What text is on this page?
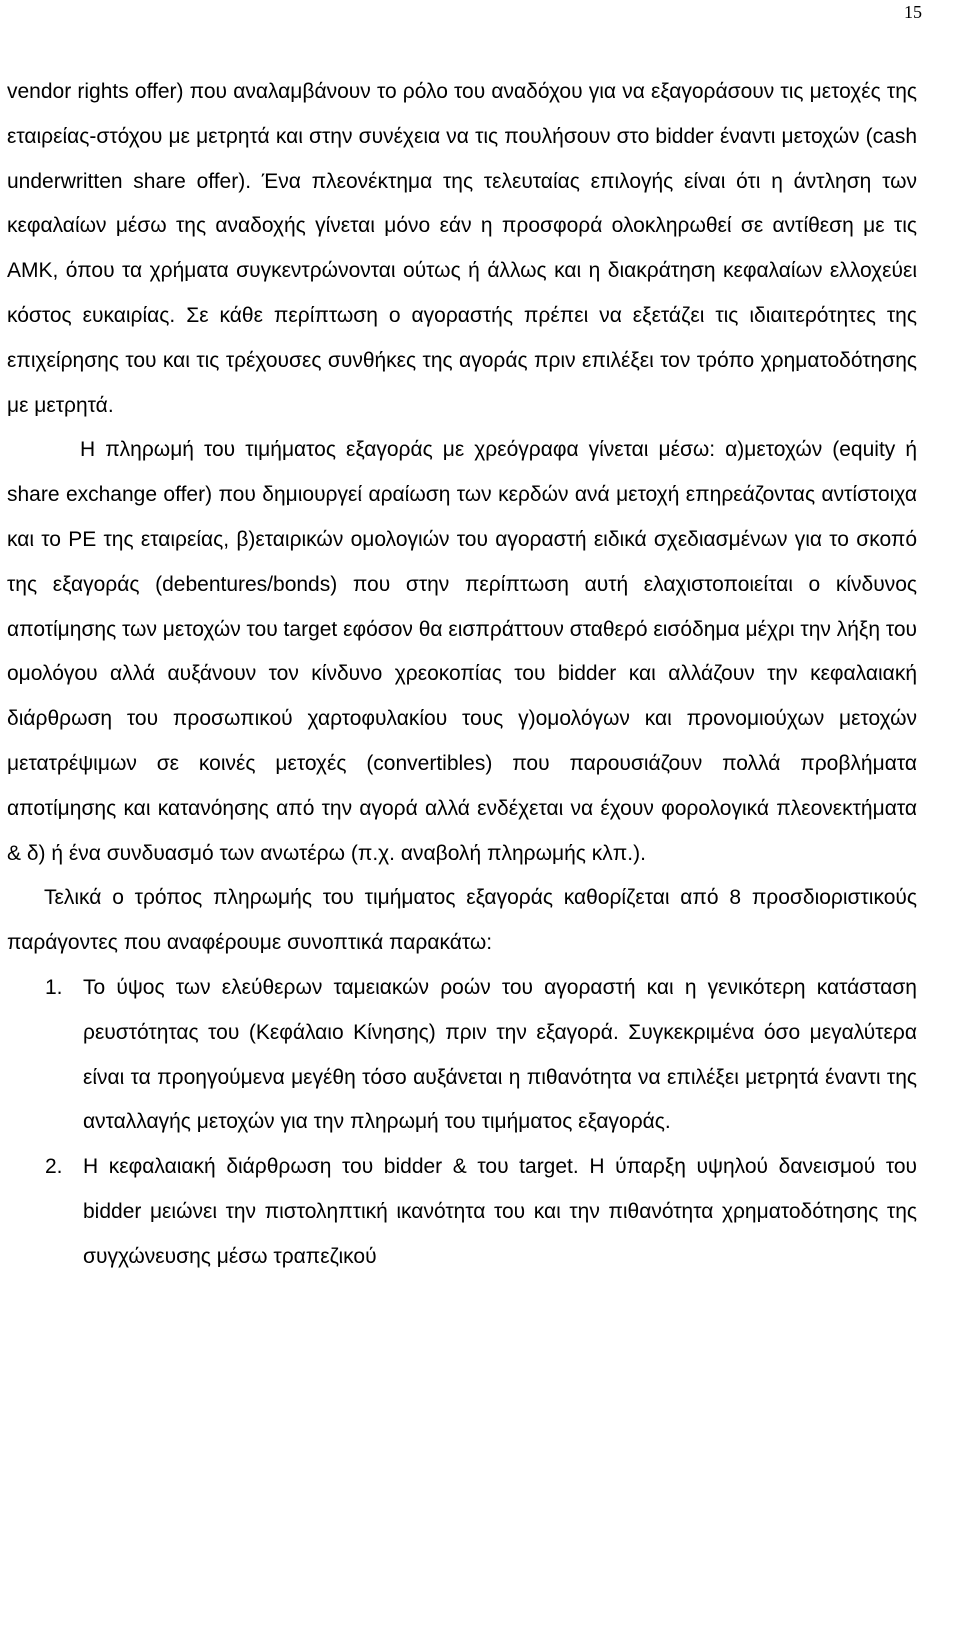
15

vendor rights offer) που αναλαμβάνουν το ρόλο του αναδόχου για να εξαγοράσουν τις μετοχές της εταιρείας-στόχου με μετρητά και στην συνέχεια να τις πουλήσουν στο bidder έναντι μετοχών (cash underwritten share offer). Ένα πλεονέκτημα της τελευταίας επιλογής είναι ότι η άντληση των κεφαλαίων μέσω της αναδοχής γίνεται μόνο εάν η προσφορά ολοκληρωθεί σε αντίθεση με τις ΑΜΚ, όπου τα χρήματα συγκεντρώνονται ούτως ή άλλως και η διακράτηση κεφαλαίων ελλοχεύει κόστος ευκαιρίας. Σε κάθε περίπτωση ο αγοραστής πρέπει να εξετάζει τις ιδιαιτερότητες της επιχείρησης του και τις τρέχουσες συνθήκες της αγοράς πριν επιλέξει τον τρόπο χρηματοδότησης με μετρητά.

Η πληρωμή του τιμήματος εξαγοράς με χρεόγραφα γίνεται μέσω: α)μετοχών (equity ή share exchange offer) που δημιουργεί αραίωση των κερδών ανά μετοχή επηρεάζοντας αντίστοιχα και το PE της εταιρείας, β)εταιρικών ομολογιών του αγοραστή ειδικά σχεδιασμένων για το σκοπό της εξαγοράς (debentures/bonds) που στην περίπτωση αυτή ελαχιστοποιείται ο κίνδυνος αποτίμησης των μετοχών του target εφόσον θα εισπράττουν σταθερό εισόδημα μέχρι την λήξη του ομολόγου αλλά αυξάνουν τον κίνδυνο χρεοκοπίας του bidder και αλλάζουν την κεφαλαιακή διάρθρωση του προσωπικού χαρτοφυλακίου τους γ)ομολόγων και προνομιούχων μετοχών μετατρέψιμων σε κοινές μετοχές (convertibles) που παρουσιάζουν πολλά προβλήματα αποτίμησης και κατανόησης από την αγορά αλλά ενδέχεται να έχουν φορολογικά πλεονεκτήματα & δ) ή ένα συνδυασμό των ανωτέρω (π.χ. αναβολή πληρωμής κλπ.).

Τελικά ο τρόπος πληρωμής του τιμήματος εξαγοράς καθορίζεται από 8 προσδιοριστικούς παράγοντες που αναφέρουμε συνοπτικά παρακάτω:

1. Το ύψος των ελεύθερων ταμειακών ροών του αγοραστή και η γενικότερη κατάσταση ρευστότητας του (Κεφάλαιο Κίνησης) πριν την εξαγορά. Συγκεκριμένα όσο μεγαλύτερα είναι τα προηγούμενα μεγέθη τόσο αυξάνεται η πιθανότητα να επιλέξει μετρητά έναντι της ανταλλαγής μετοχών για την πληρωμή του τιμήματος εξαγοράς.
2. Η κεφαλαιακή διάρθρωση του bidder & του target. Η ύπαρξη υψηλού δανεισμού του bidder μειώνει την πιστοληπτική ικανότητα του και την πιθανότητα χρηματοδότησης της συγχώνευσης μέσω τραπεζικού
